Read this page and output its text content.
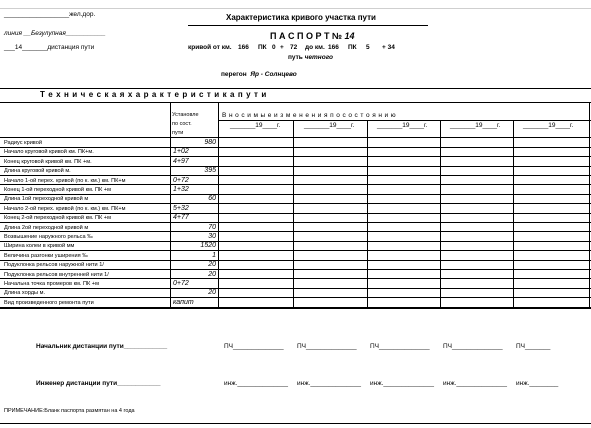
__________________жел.дор.
линия __Безулупная___________
___14_______дистанция пути
Характеристика кривого участка пути
П А С П О Р Т № 14
кривой от км. 166 ПК 0 + 72 до км. 166 ПК 5 + 34
путь четного
перегон Яр - Солнцево
Т е х н и ч е с к а я х а р а к т е р и с т и к а п у т и
Установле
по сост.
пути
В н о с и м ы е и з м е н е н и я п о с о с т о я н и ю
_______19____г.	_______19____г.	_______19____г.	_______19____г.	_______19____г.
Радиус кривой	980
Начало круговой кривой км. ПК+м.	1+02
Конец круговой кривой км. ПК +м.	4+97
Длина круговой кривой м.	395
Начало 1-ой перех. кривой (по к. км.) км. ПК+м	0+72
Конец 1-ой переходной кривой км. ПК +м	1+32
Длина 1ой переходной кривой м	60
Начало 2-ой перех. кривой (по к. км.) км. ПК+м	5+32
Конец 2-ой переходной кривой км. ПК +м	4+77
Длина 2ой переходной кривой м	70
Возвышение наружного рельса ‰	30
Ширина колеи в кривой мм	1520
Величина разгонки уширения ‰	1
Подуклонка рельсов наружной нити 1/	20
Подуклонка рельсов внутренней нити 1/	20
Начальна точка промеров км. ПК +м	0+72
Длина хорды м.	20
Вид произведенного ремонта пути	капит
Начальник дистанции пути____________	ПЧ______________ ПЧ______________ ПЧ______________ ПЧ______________ ПЧ_______
Инженер дистанции пути____________	инж.______________ инж.______________ инж.______________ инж.______________ инж.________
ПРИМЕЧАНИЕ:Бланк паспорта размятан на 4 года
